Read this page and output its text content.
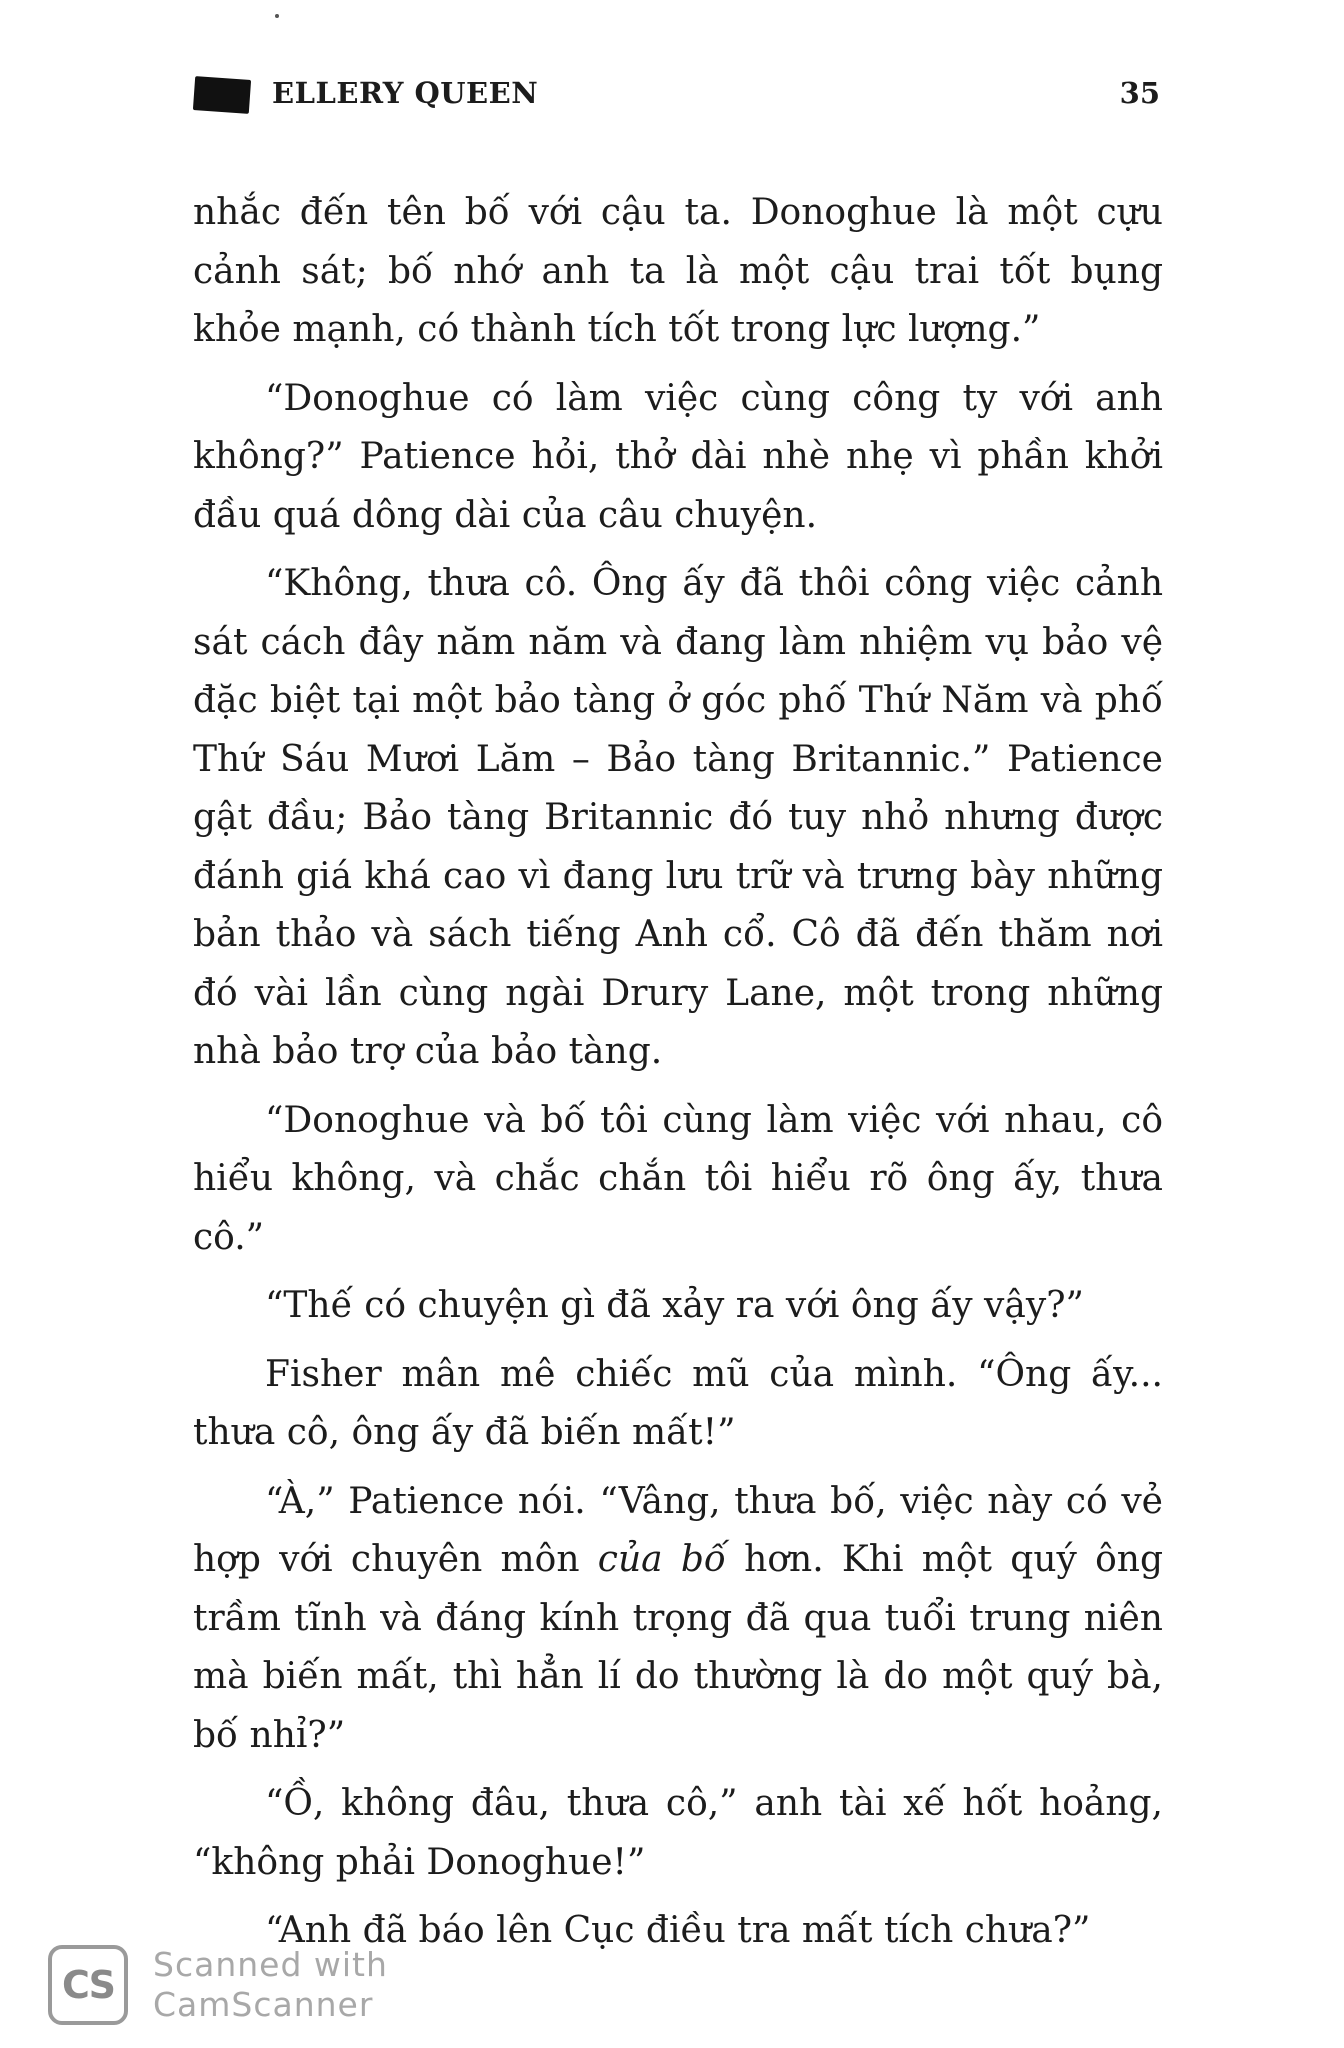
ELLERY QUEEN	35

nhắc đến tên bố với cậu ta. Donoghue là một cựu cảnh sát; bố nhớ anh ta là một cậu trai tốt bụng khỏe mạnh, có thành tích tốt trong lực lượng.”

“Donoghue có làm việc cùng công ty với anh không?” Patience hỏi, thở dài nhè nhẹ vì phần khởi đầu quá dông dài của câu chuyện.

“Không, thưa cô. Ông ấy đã thôi công việc cảnh sát cách đây năm năm và đang làm nhiệm vụ bảo vệ đặc biệt tại một bảo tàng ở góc phố Thứ Năm và phố Thứ Sáu Mươi Lăm – Bảo tàng Britannic.” Patience gật đầu; Bảo tàng Britannic đó tuy nhỏ nhưng được đánh giá khá cao vì đang lưu trữ và trưng bày những bản thảo và sách tiếng Anh cổ. Cô đã đến thăm nơi đó vài lần cùng ngài Drury Lane, một trong những nhà bảo trợ của bảo tàng.

“Donoghue và bố tôi cùng làm việc với nhau, cô hiểu không, và chắc chắn tôi hiểu rõ ông ấy, thưa cô.”

“Thế có chuyện gì đã xảy ra với ông ấy vậy?”

Fisher mân mê chiếc mũ của mình. “Ông ấy... thưa cô, ông ấy đã biến mất!”

“À,” Patience nói. “Vâng, thưa bố, việc này có vẻ hợp với chuyên môn của bố hơn. Khi một quý ông trầm tĩnh và đáng kính trọng đã qua tuổi trung niên mà biến mất, thì hẳn lí do thường là do một quý bà, bố nhỉ?”

“Ồ, không đâu, thưa cô,” anh tài xế hốt hoảng, “không phải Donoghue!”

“Anh đã báo lên Cục điều tra mất tích chưa?”

CS	Scanned with
CamScanner
